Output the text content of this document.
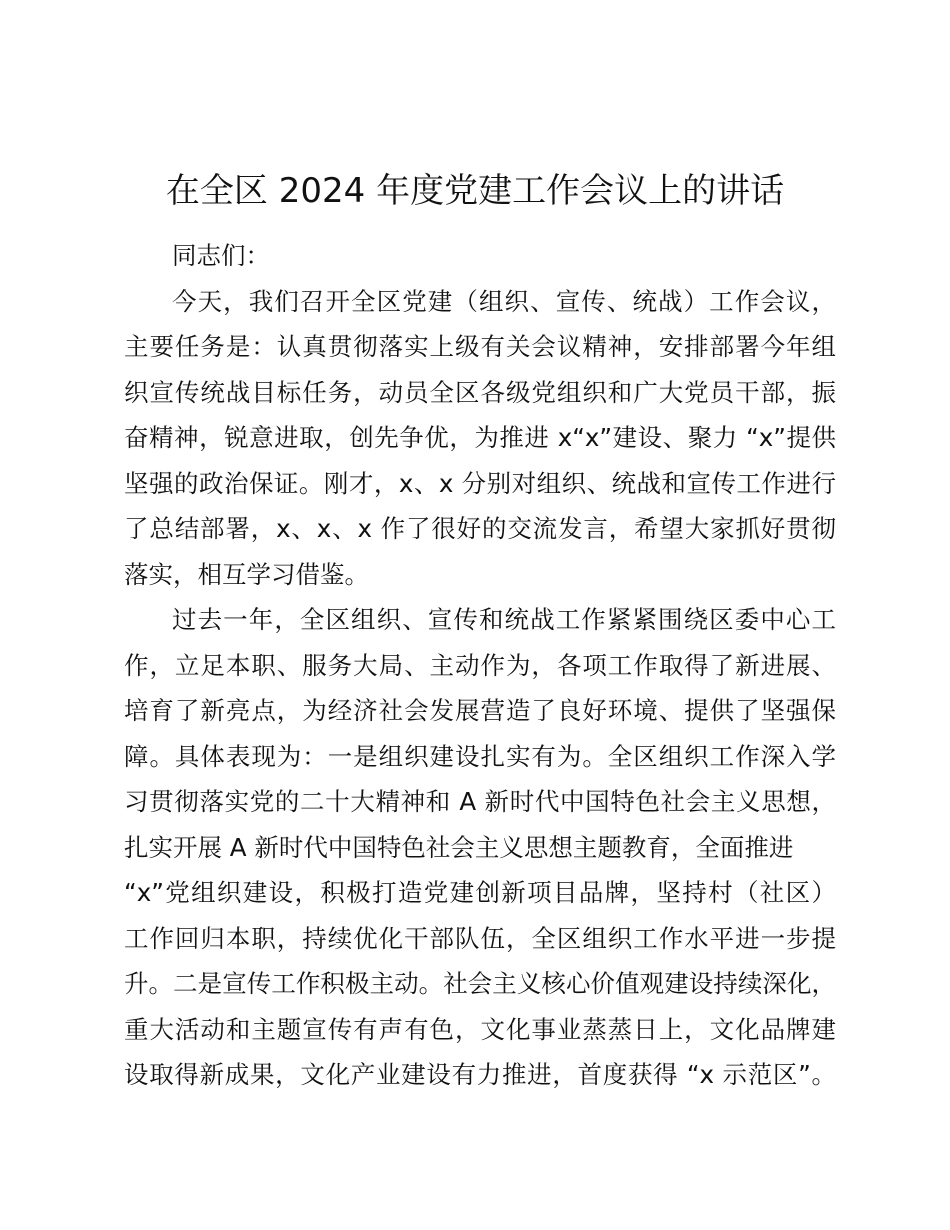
在全区 2024 年度党建工作会议上的讲话
同志们：
今天，我们召开全区党建（组织、宣传、统战）工作会议，
主要任务是：认真贯彻落实上级有关会议精神，安排部署今年组
织宣传统战目标任务，动员全区各级党组织和广大党员干部，振
奋精神，锐意进取，创先争优，为推进 x“x”建设、聚力 “x”提供
坚强的政治保证。刚才，x、x 分别对组织、统战和宣传工作进行
了总结部署，x、x、x 作了很好的交流发言，希望大家抓好贯彻
落实，相互学习借鉴。
过去一年，全区组织、宣传和统战工作紧紧围绕区委中心工
作，立足本职、服务大局、主动作为，各项工作取得了新进展、
培育了新亮点，为经济社会发展营造了良好环境、提供了坚强保
障。具体表现为：一是组织建设扎实有为。全区组织工作深入学
习贯彻落实党的二十大精神和 A 新时代中国特色社会主义思想，
扎实开展 A 新时代中国特色社会主义思想主题教育，全面推进
“x”党组织建设，积极打造党建创新项目品牌，坚持村（社区）
工作回归本职，持续优化干部队伍，全区组织工作水平进一步提
升。二是宣传工作积极主动。社会主义核心价值观建设持续深化，
重大活动和主题宣传有声有色，文化事业蒸蒸日上，文化品牌建
设取得新成果，文化产业建设有力推进，首度获得 “x 示范区”。
